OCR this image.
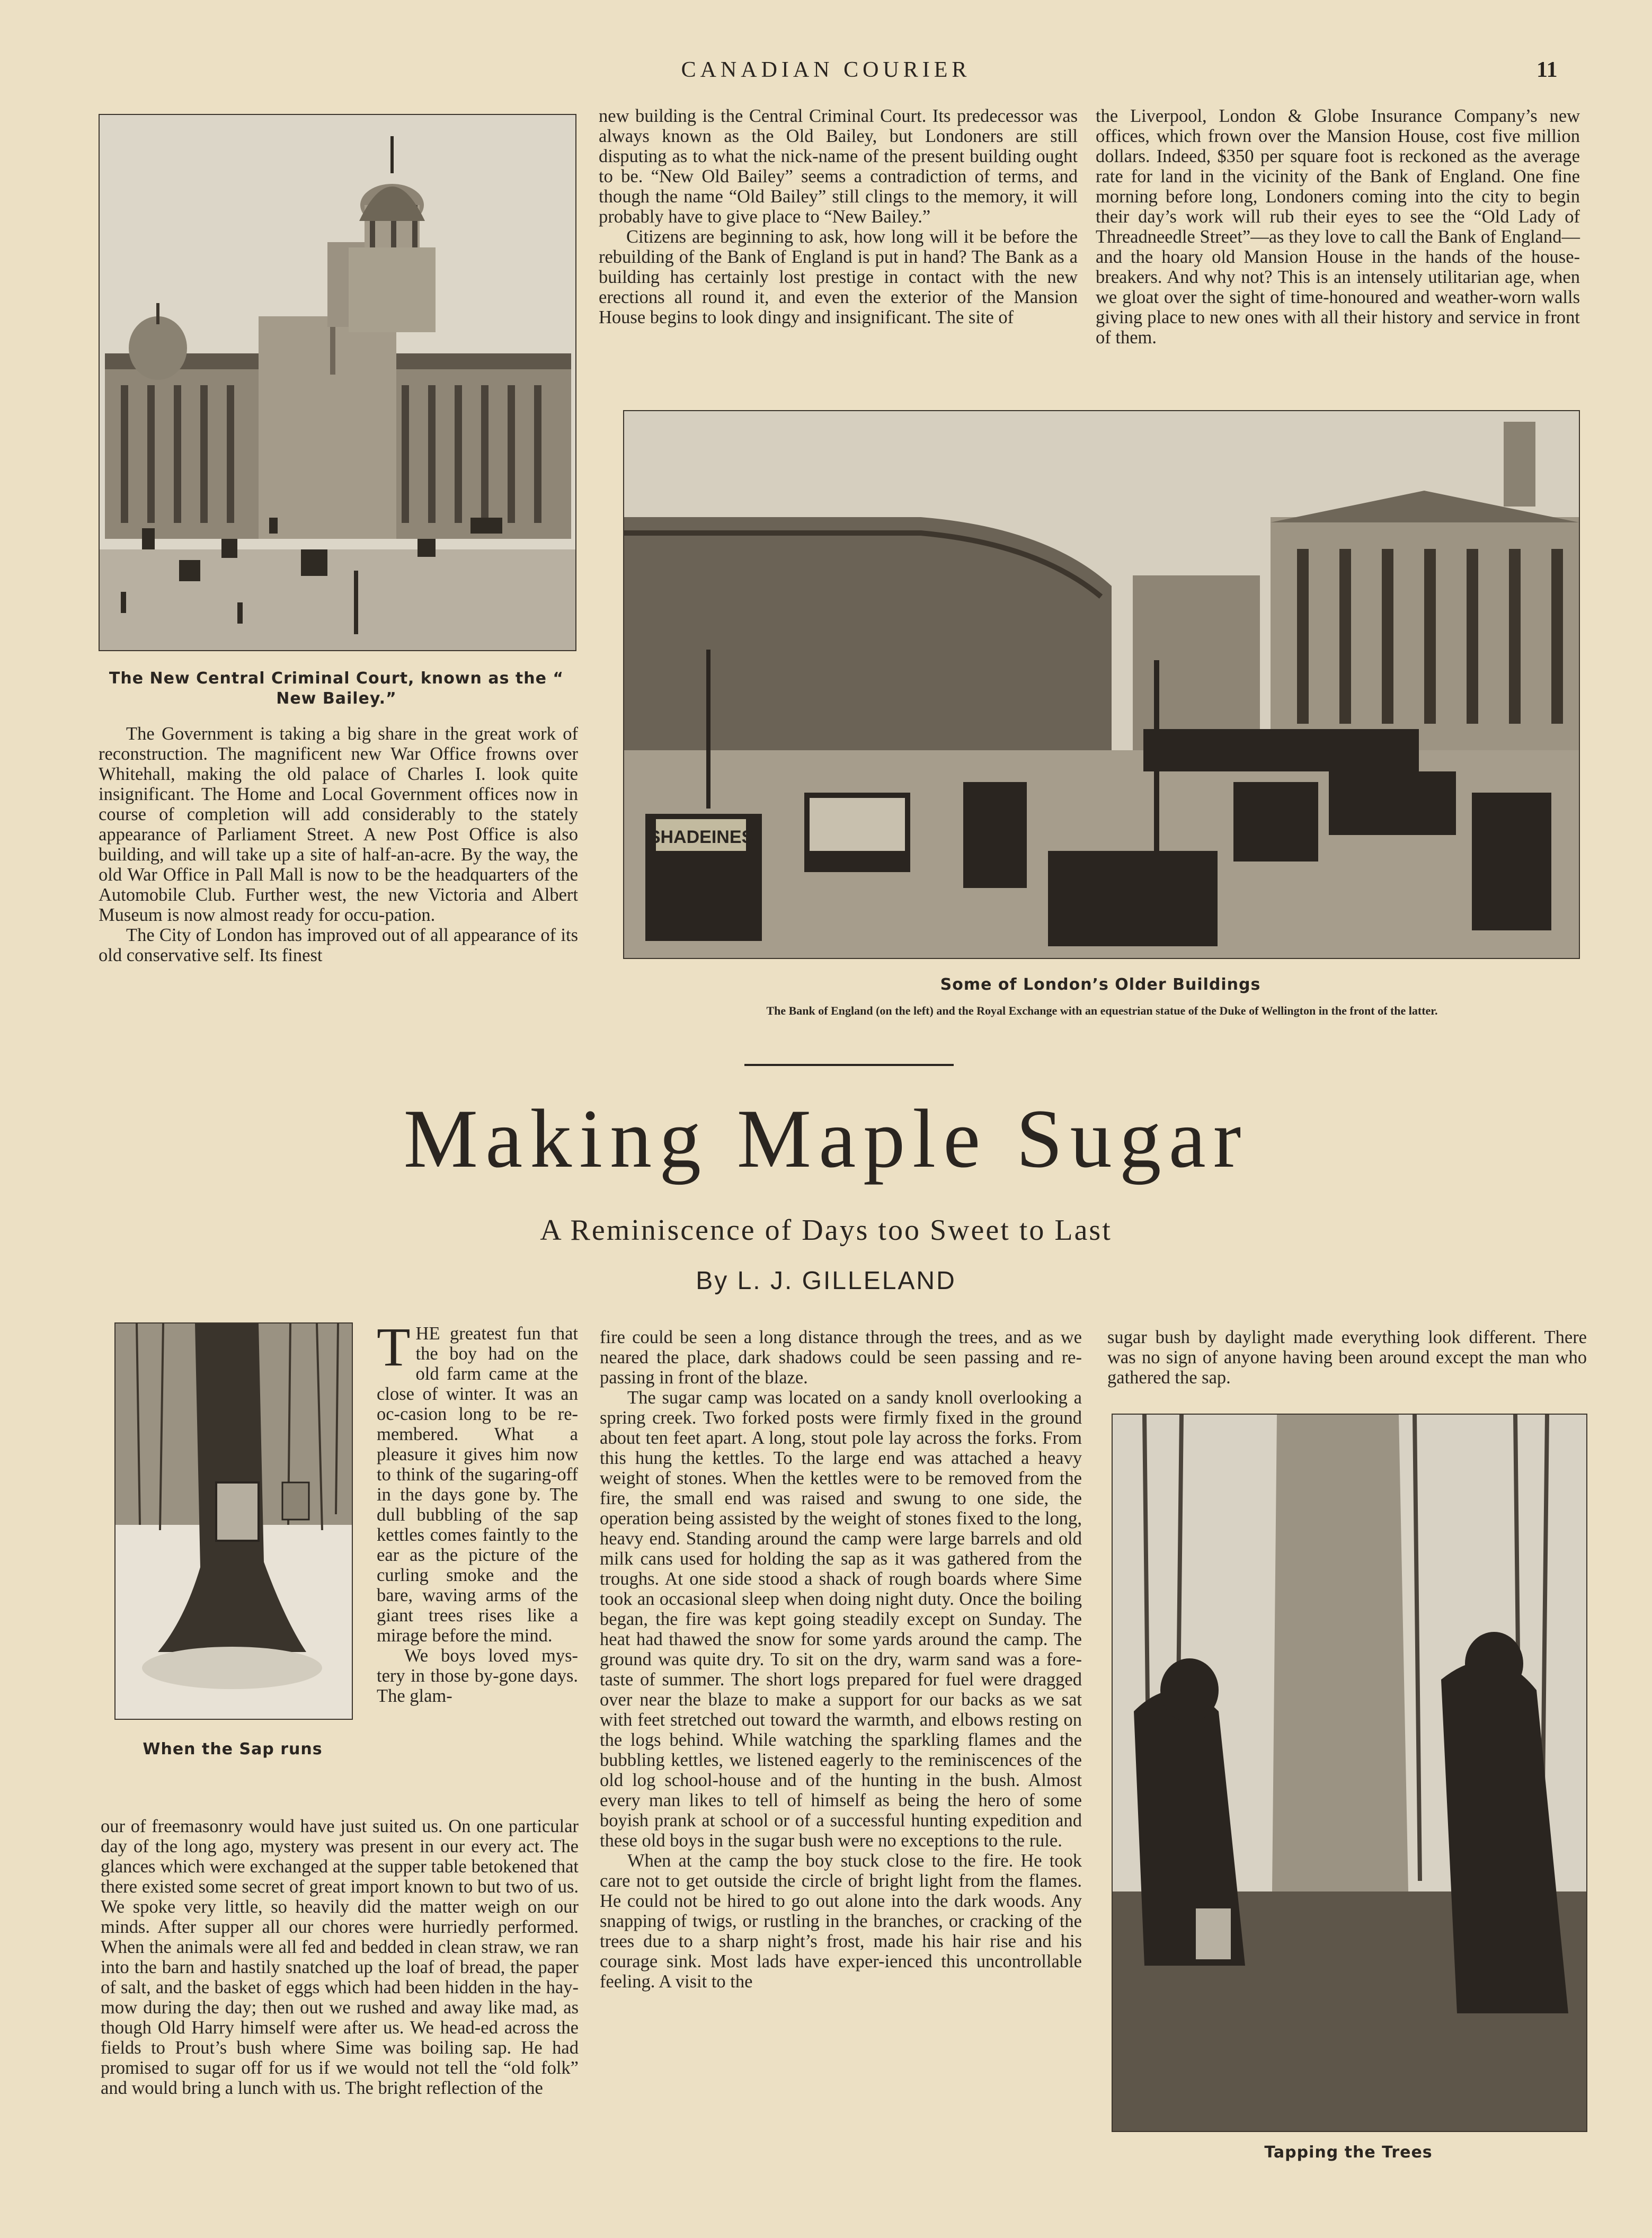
CANADIAN COURIER	11
The New Central Criminal Court, known as the “ New Bailey.”

The Government is taking a big share in the great work of reconstruction. The magnificent new War Office frowns over Whitehall, making the old palace of Charles I. look quite insignificant. The Home and Local Government offices now in course of completion will add considerably to the stately appearance of Parliament Street. A new Post Office is also building, and will take up a site of half-an-acre. By the way, the old War Office in Pall Mall is now to be the headquarters of the Automobile Club. Further west, the new Victoria and Albert Museum is now almost ready for occu-pation.

The City of London has improved out of all appearance of its old conservative self. Its finest

new building is the Central Criminal Court. Its predecessor was always known as the Old Bailey, but Londoners are still disputing as to what the nick-name of the present building ought to be. “New Old Bailey” seems a contradiction of terms, and though the name “Old Bailey” still clings to the memory, it will probably have to give place to “New Bailey.”

Citizens are beginning to ask, how long will it be before the rebuilding of the Bank of England is put in hand? The Bank as a building has certainly lost prestige in contact with the new erections all round it, and even the exterior of the Mansion House begins to look dingy and insignificant. The site of

the Liverpool, London & Globe Insurance Company’s new offices, which frown over the Mansion House, cost five million dollars. Indeed, $350 per square foot is reckoned as the average rate for land in the vicinity of the Bank of England. One fine morning before long, Londoners coming into the city to begin their day’s work will rub their eyes to see the “Old Lady of Threadneedle Street”—as they love to call the Bank of England—and the hoary old Mansion House in the hands of the house-breakers. And why not? This is an intensely utilitarian age, when we gloat over the sight of time-honoured and weather-worn walls giving place to new ones with all their history and service in front of them.

SHADEINES
Some of London’s Older Buildings
The Bank of England (on the left) and the Royal Exchange with an equestrian statue of the Duke of Wellington in the front of the latter.
Making Maple Sugar
A Reminiscence of Days too Sweet to Last
By L. J. GILLELAND
When the Sap runs

THE greatest fun that the boy had on the old farm came at the close of winter. It was an oc-casion long to be re-membered. What a pleasure it gives him now to think of the sugaring-off in the days gone by. The dull bubbling of the sap kettles comes faintly to the ear as the picture of the curling smoke and the bare, waving arms of the giant trees rises like a mirage before the mind.

We boys loved mys-tery in those by-gone days. The glam-

our of freemasonry would have just suited us. On one particular day of the long ago, mystery was present in our every act. The glances which were exchanged at the supper table betokened that there existed some secret of great import known to but two of us. We spoke very little, so heavily did the matter weigh on our minds. After supper all our chores were hurriedly performed. When the animals were all fed and bedded in clean straw, we ran into the barn and hastily snatched up the loaf of bread, the paper of salt, and the basket of eggs which had been hidden in the hay-mow during the day; then out we rushed and away like mad, as though Old Harry himself were after us. We head-ed across the fields to Prout’s bush where Sime was boiling sap. He had promised to sugar off for us if we would not tell the “old folk” and would bring a lunch with us. The bright reflection of the

fire could be seen a long distance through the trees, and as we neared the place, dark shadows could be seen passing and re-passing in front of the blaze.

The sugar camp was located on a sandy knoll overlooking a spring creek. Two forked posts were firmly fixed in the ground about ten feet apart. A long, stout pole lay across the forks. From this hung the kettles. To the large end was attached a heavy weight of stones. When the kettles were to be removed from the fire, the small end was raised and swung to one side, the operation being assisted by the weight of stones fixed to the long, heavy end. Standing around the camp were large barrels and old milk cans used for holding the sap as it was gathered from the troughs. At one side stood a shack of rough boards where Sime took an occasional sleep when doing night duty. Once the boiling began, the fire was kept going steadily except on Sunday. The heat had thawed the snow for some yards around the camp. The ground was quite dry. To sit on the dry, warm sand was a fore-taste of summer. The short logs prepared for fuel were dragged over near the blaze to make a support for our backs as we sat with feet stretched out toward the warmth, and elbows resting on the logs behind. While watching the sparkling flames and the bubbling kettles, we listened eagerly to the reminiscences of the old log school-house and of the hunting in the bush. Almost every man likes to tell of himself as being the hero of some boyish prank at school or of a successful hunting expedition and these old boys in the sugar bush were no exceptions to the rule.

When at the camp the boy stuck close to the fire. He took care not to get outside the circle of bright light from the flames. He could not be hired to go out alone into the dark woods. Any snapping of twigs, or rustling in the branches, or cracking of the trees due to a sharp night’s frost, made his hair rise and his courage sink. Most lads have exper-ienced this uncontrollable feeling. A visit to the

sugar bush by daylight made everything look different. There was no sign of anyone having been around except the man who gathered the sap.

Tapping the Trees
